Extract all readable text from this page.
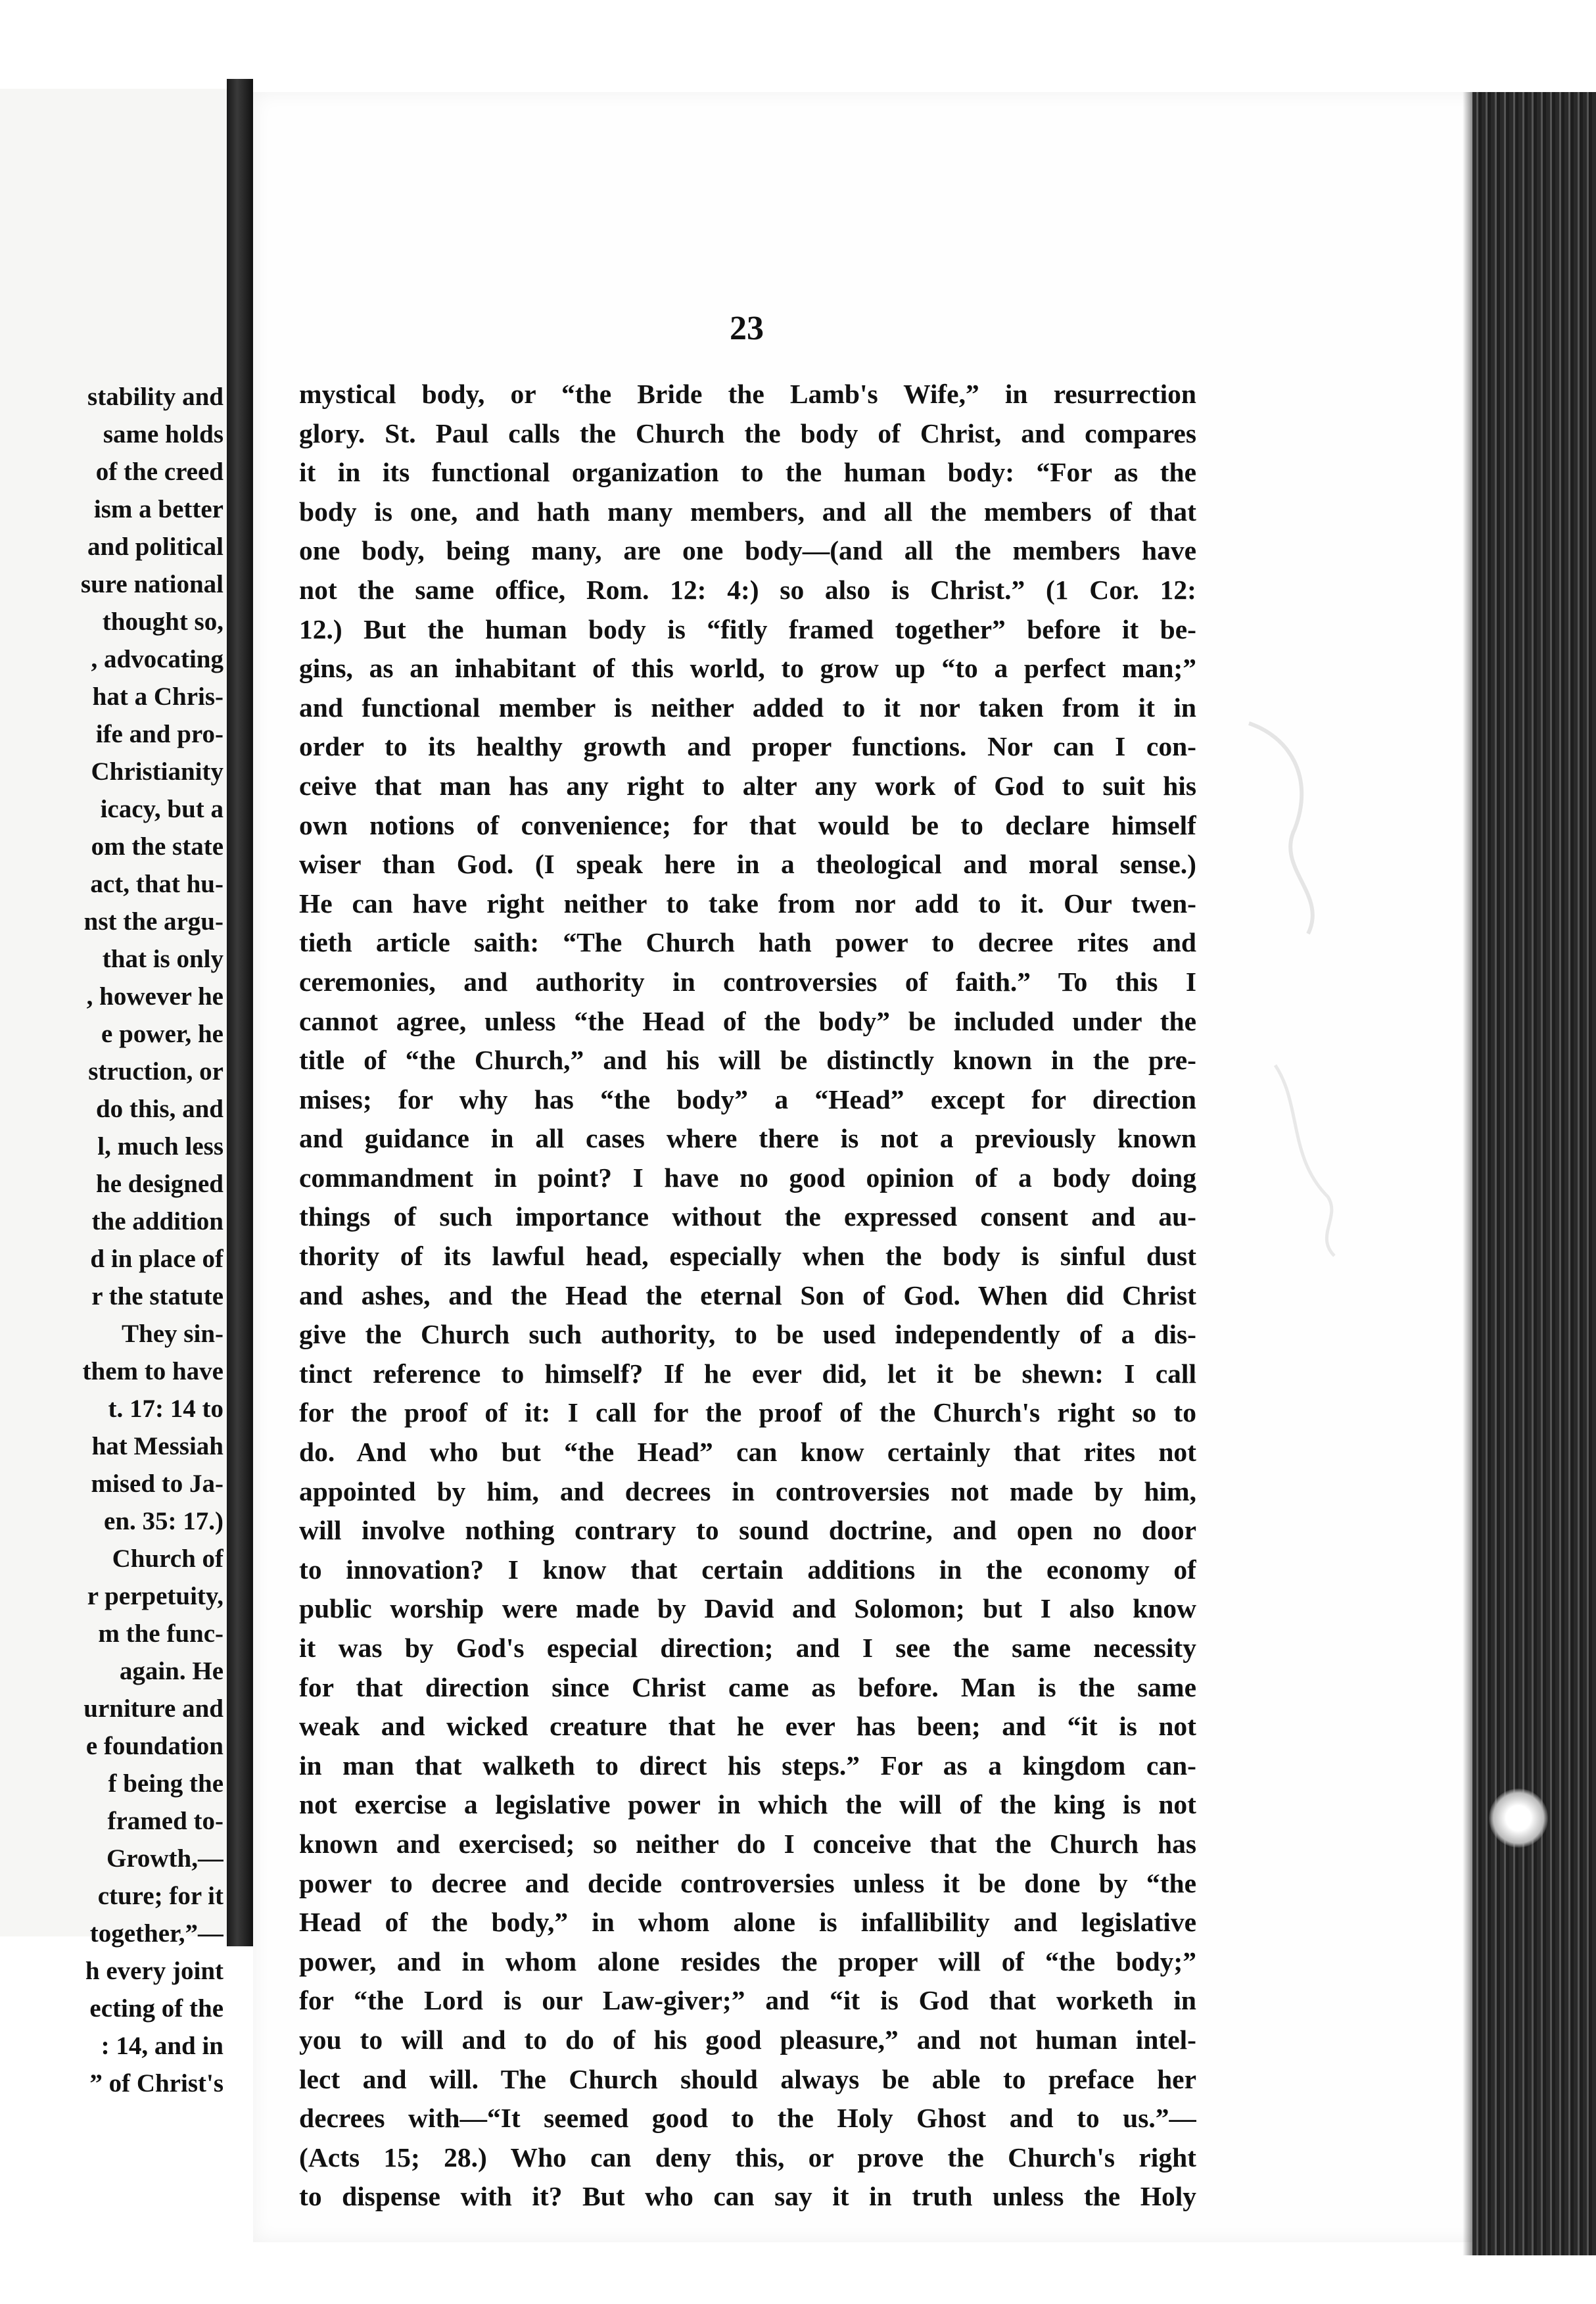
stability and
same holds
of the creed
ism a better
and political
sure national
thought so,
, advocating
hat a Chris-
ife and pro-
Christianity
icacy, but a
om the state
act, that hu-
nst the argu-
that is only
, however he
e power, he
struction, or
do this, and
l, much less
he designed
the addition
d in place of
r the statute
They sin-
them to have
t. 17: 14 to
hat Messiah
mised to Ja-
en. 35: 17.)
Church of
r perpetuity,
m the func-
again. He
urniture and
e foundation
f being the
framed to-
Growth,—
cture; for it
together,”—
h every joint
ecting of the
: 14, and in
” of Christ's
23
mystical body, or “the Bride the Lamb's Wife,” in resurrection
glory. St. Paul calls the Church the body of Christ, and compares
it in its functional organization to the human body: “For as the
body is one, and hath many members, and all the members of that
one body, being many, are one body—(and all the members have
not the same office, Rom. 12: 4:) so also is Christ.” (1 Cor. 12:
12.) But the human body is “fitly framed together” before it be-
gins, as an inhabitant of this world, to grow up “to a perfect man;”
and functional member is neither added to it nor taken from it in
order to its healthy growth and proper functions. Nor can I con-
ceive that man has any right to alter any work of God to suit his
own notions of convenience; for that would be to declare himself
wiser than God. (I speak here in a theological and moral sense.)
He can have right neither to take from nor add to it. Our twen-
tieth article saith: “The Church hath power to decree rites and
ceremonies, and authority in controversies of faith.” To this I
cannot agree, unless “the Head of the body” be included under the
title of “the Church,” and his will be distinctly known in the pre-
mises; for why has “the body” a “Head” except for direction
and guidance in all cases where there is not a previously known
commandment in point? I have no good opinion of a body doing
things of such importance without the expressed consent and au-
thority of its lawful head, especially when the body is sinful dust
and ashes, and the Head the eternal Son of God. When did Christ
give the Church such authority, to be used independently of a dis-
tinct reference to himself? If he ever did, let it be shewn: I call
for the proof of it: I call for the proof of the Church's right so to
do. And who but “the Head” can know certainly that rites not
appointed by him, and decrees in controversies not made by him,
will involve nothing contrary to sound doctrine, and open no door
to innovation? I know that certain additions in the economy of
public worship were made by David and Solomon; but I also know
it was by God's especial direction; and I see the same necessity
for that direction since Christ came as before. Man is the same
weak and wicked creature that he ever has been; and “it is not
in man that walketh to direct his steps.” For as a kingdom can-
not exercise a legislative power in which the will of the king is not
known and exercised; so neither do I conceive that the Church has
power to decree and decide controversies unless it be done by “the
Head of the body,” in whom alone is infallibility and legislative
power, and in whom alone resides the proper will of “the body;”
for “the Lord is our Law-giver;” and “it is God that worketh in
you to will and to do of his good pleasure,” and not human intel-
lect and will. The Church should always be able to preface her
decrees with—“It seemed good to the Holy Ghost and to us.”—
(Acts 15; 28.) Who can deny this, or prove the Church's right
to dispense with it? But who can say it in truth unless the Holy
